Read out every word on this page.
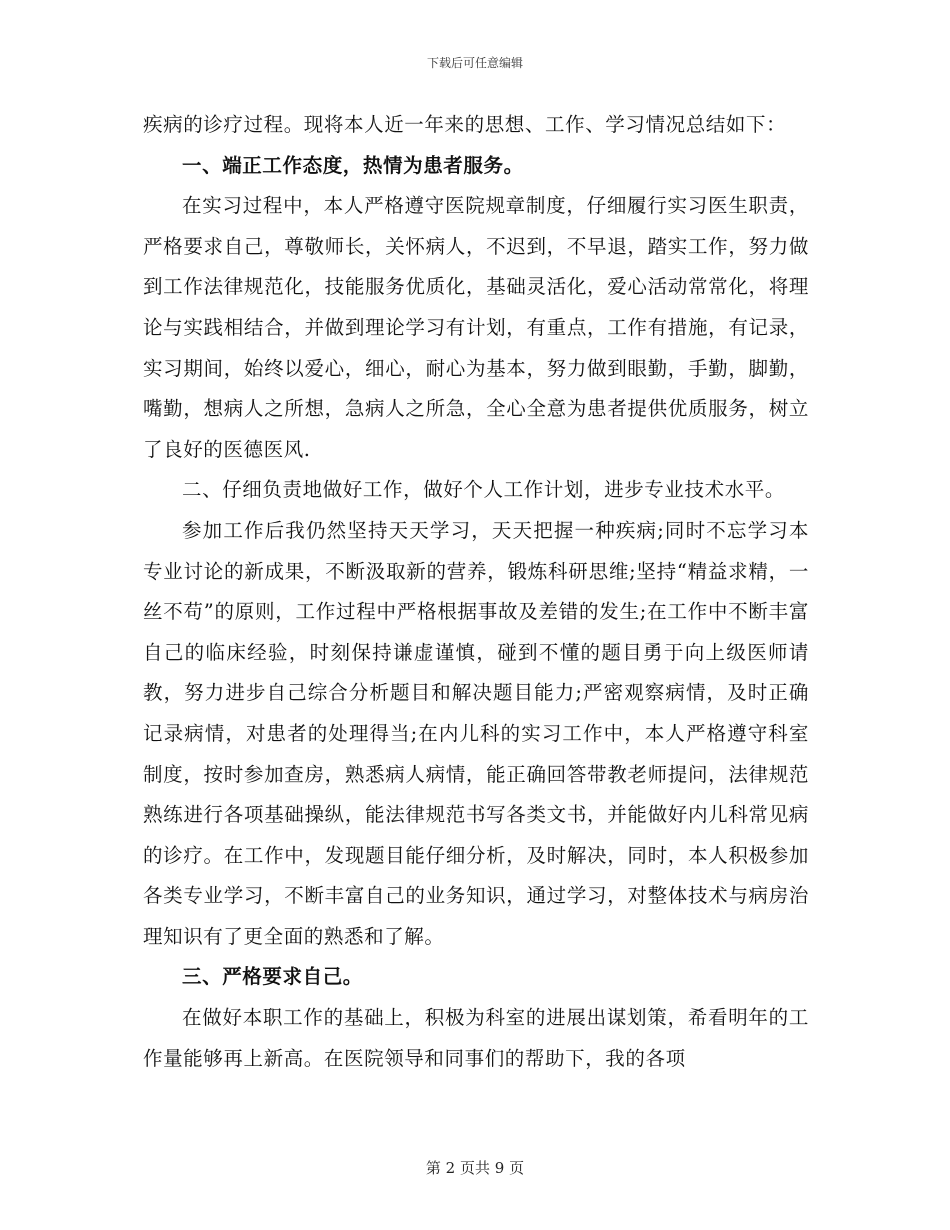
下载后可任意编辑

疾病的诊疗过程。现将本人近一年来的思想、工作、学习情况总结如下：

一、端正工作态度，热情为患者服务。

在实习过程中，本人严格遵守医院规章制度，仔细履行实习医生职责，严格要求自己，尊敬师长，关怀病人，不迟到，不早退，踏实工作，努力做到工作法律规范化，技能服务优质化，基础灵活化，爱心活动常常化，将理论与实践相结合，并做到理论学习有计划，有重点，工作有措施，有记录，实习期间，始终以爱心，细心，耐心为基本，努力做到眼勤，手勤，脚勤，嘴勤，想病人之所想，急病人之所急，全心全意为患者提供优质服务，树立了良好的医德医风.

二、仔细负责地做好工作，做好个人工作计划，进步专业技术水平。

参加工作后我仍然坚持天天学习，天天把握一种疾病;同时不忘学习本专业讨论的新成果，不断汲取新的营养，锻炼科研思维;坚持“精益求精，一丝不苟”的原则，工作过程中严格根据事故及差错的发生;在工作中不断丰富自己的临床经验，时刻保持谦虚谨慎，碰到不懂的题目勇于向上级医师请教，努力进步自己综合分析题目和解决题目能力;严密观察病情，及时正确记录病情，对患者的处理得当;在内儿科的实习工作中，本人严格遵守科室制度，按时参加查房，熟悉病人病情，能正确回答带教老师提问，法律规范熟练进行各项基础操纵，能法律规范书写各类文书，并能做好内儿科常见病的诊疗。在工作中，发现题目能仔细分析，及时解决，同时，本人积极参加各类专业学习，不断丰富自己的业务知识，通过学习，对整体技术与病房治理知识有了更全面的熟悉和了解。

三、严格要求自己。

在做好本职工作的基础上，积极为科室的进展出谋划策，希看明年的工作量能够再上新高。在医院领导和同事们的帮助下，我的各项

第 2 页共 9 页
